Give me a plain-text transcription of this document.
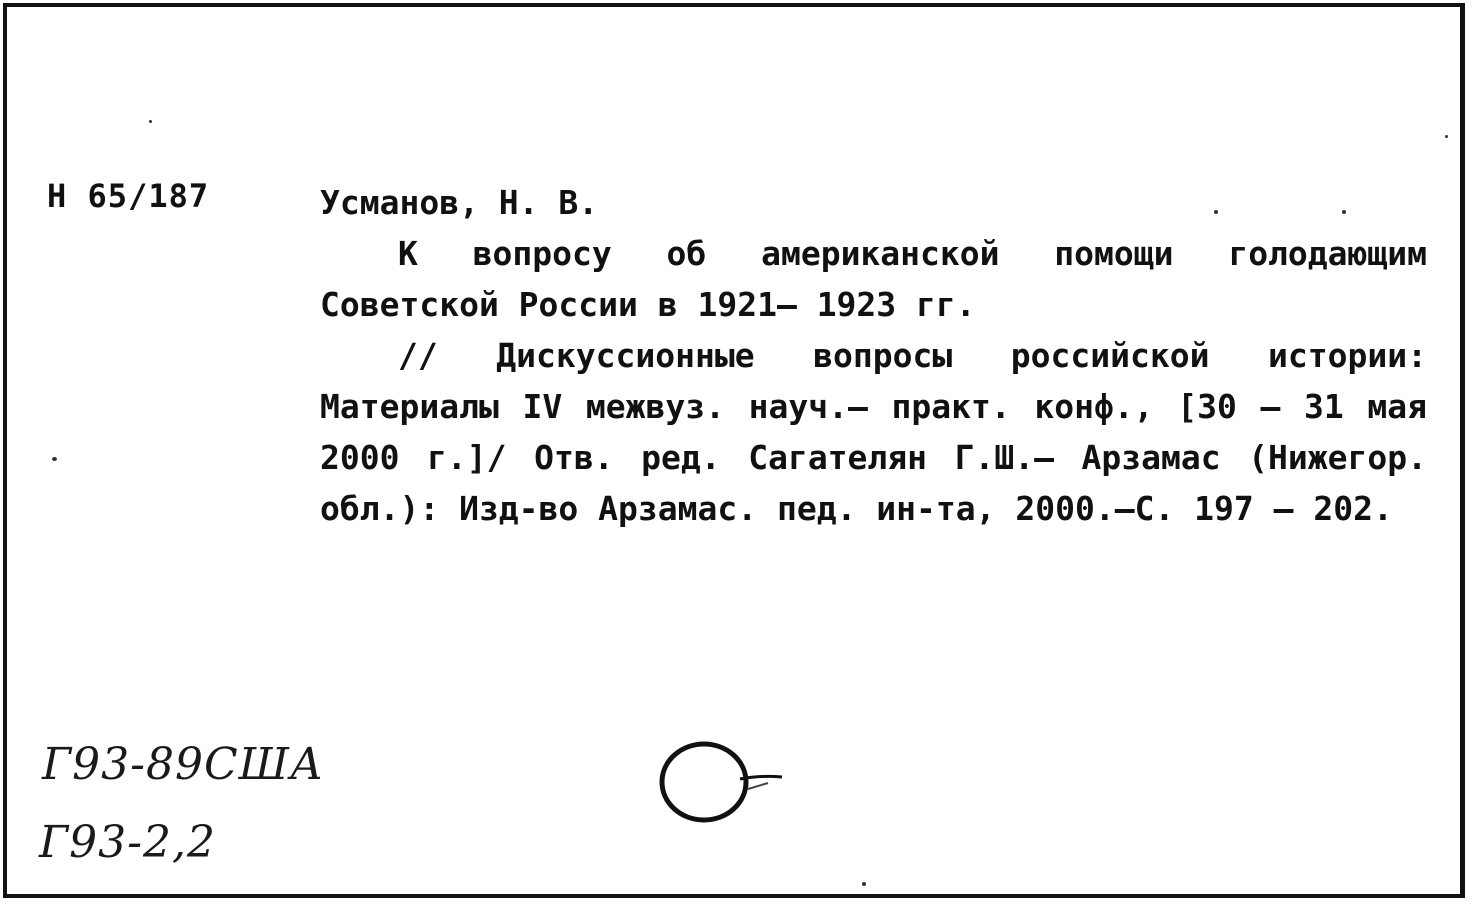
Н 65/187	Усманов, Н. В.
К вопросу об американской помощи голодающим Советской России в 1921– 1923 гг.
// Дискуссионные вопросы российской истории: Материалы IV межвуз. науч.– практ. конф., [30 – 31 мая 2000 г.]/ Отв. ред. Сагателян Г.Ш.– Арзамас (Нижегор. обл.): Изд-во Арзамас. пед. ин-та, 2000.–С. 197 – 202.
Г93-89США
Г93-2,2
